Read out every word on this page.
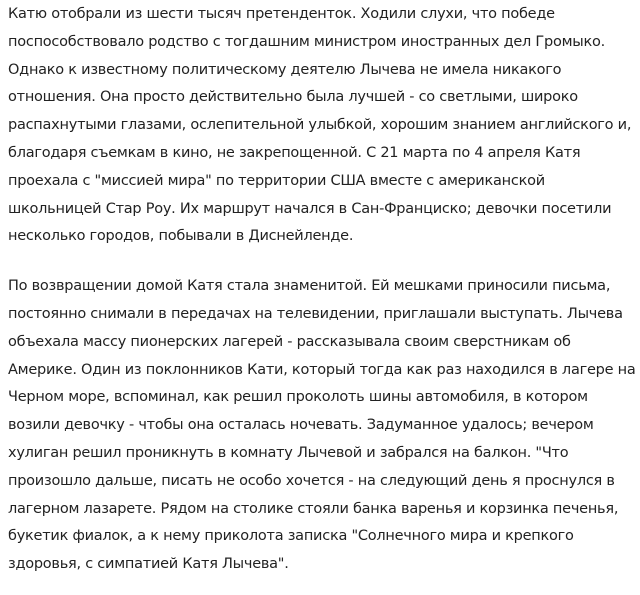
Катю отобрали из шести тысяч претенденток. Ходили слухи, что победе
поспособствовало родство с тогдашним министром иностранных дел Громыко.
Однако к известному политическому деятелю Лычева не имела никакого
отношения. Она просто действительно была лучшей - со светлыми, широко
распахнутыми глазами, ослепительной улыбкой, хорошим знанием английского и,
благодаря съемкам в кино, не закрепощенной. С 21 марта по 4 апреля Катя
проехала с "миссией мира" по территории США вместе с американской
школьницей Стар Роу. Их маршрут начался в Сан-Франциско; девочки посетили
несколько городов, побывали в Диснейленде.

По возвращении домой Катя стала знаменитой. Ей мешками приносили письма,
постоянно снимали в передачах на телевидении, приглашали выступать. Лычева
объехала массу пионерских лагерей - рассказывала своим сверстникам об
Америке. Один из поклонников Кати, который тогда как раз находился в лагере на
Черном море, вспоминал, как решил проколоть шины автомобиля, в котором
возили девочку - чтобы она осталась ночевать. Задуманное удалось; вечером
хулиган решил проникнуть в комнату Лычевой и забрался на балкон. "Что
произошло дальше, писать не особо хочется - на следующий день я проснулся в
лагерном лазарете. Рядом на столике стояли банка варенья и корзинка печенья,
букетик фиалок, а к нему приколота записка "Солнечного мира и крепкого
здоровья, с симпатией Катя Лычева".
